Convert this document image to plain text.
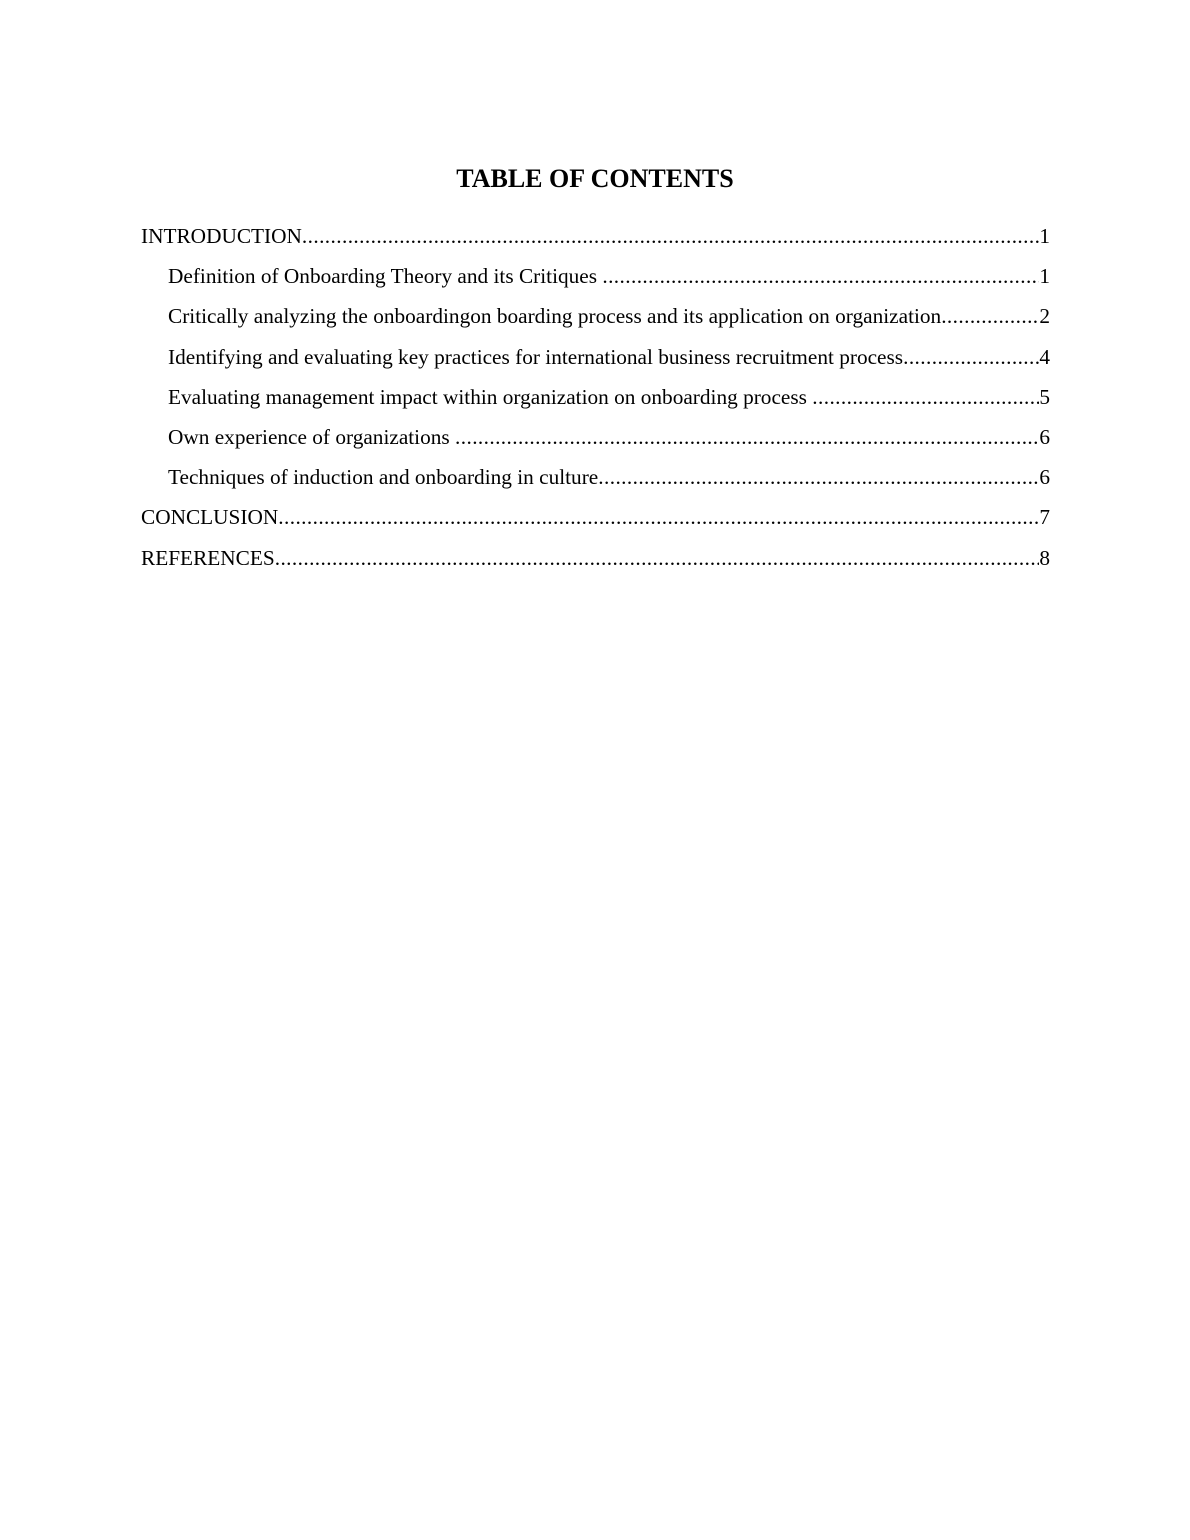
TABLE OF CONTENTS
INTRODUCTION .....	1
Definition of Onboarding Theory and its Critiques .....	1
Critically analyzing the onboardingon boarding process and its application on organization .....	2
Identifying and evaluating key practices for international business recruitment process .....	4
Evaluating management impact within organization on onboarding process .....	5
Own experience of organizations .....	6
Techniques of induction and onboarding in culture .....	6
CONCLUSION .....	7
REFERENCES .....	8
